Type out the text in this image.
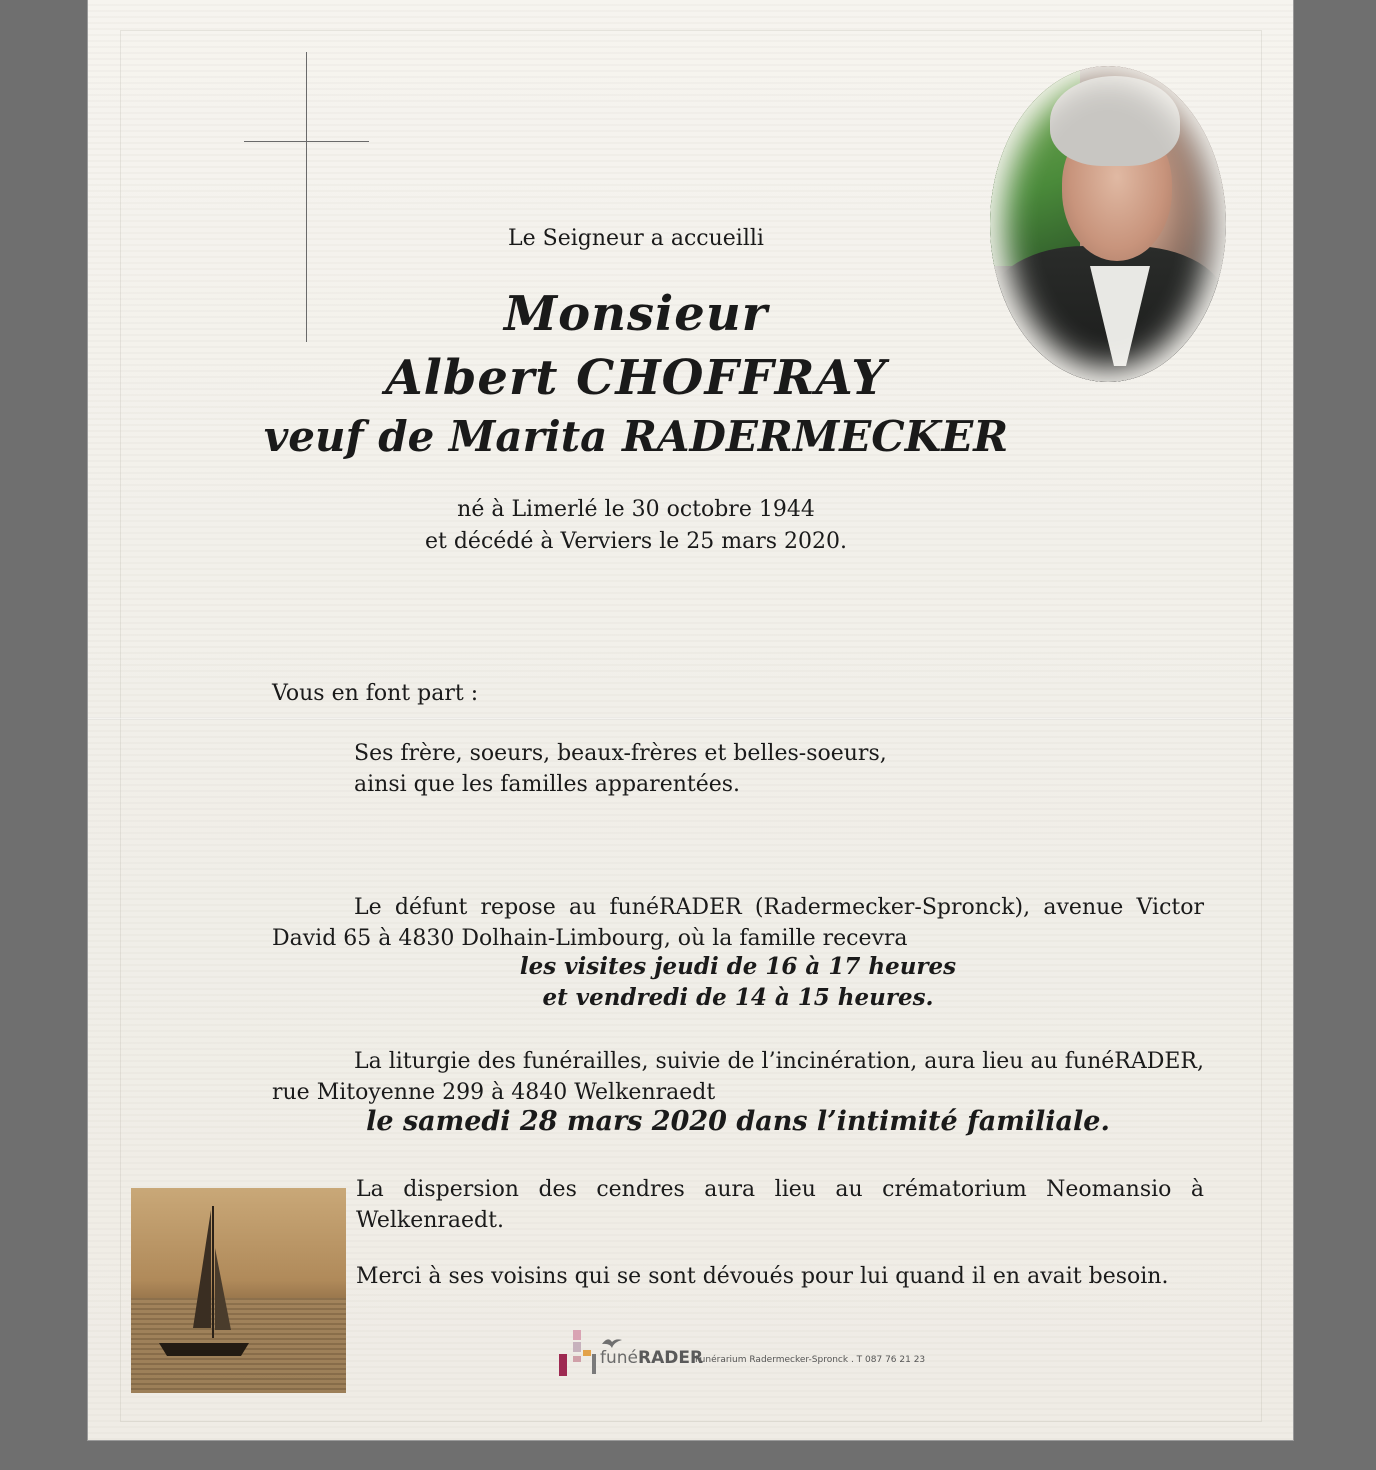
Le Seigneur a accueilli

Monsieur

Albert CHOFFRAY

veuf de Marita RADERMECKER

né à Limerlé le 30 octobre 1944

et décédé à Verviers le 25 mars 2020.

Vous en font part :

Ses frère, soeurs, beaux-frères et belles-soeurs,

ainsi que les familles apparentées.

Le défunt repose au funéRADER (Radermecker-Spronck), avenue Victor
David 65 à 4830 Dolhain-Limbourg, où la famille recevra

les visites jeudi de 16 à 17 heures

et vendredi de 14 à 15 heures.

La liturgie des funérailles, suivie de l’incinération, aura lieu au funéRADER,
rue Mitoyenne 299 à 4840 Welkenraedt

le samedi 28 mars 2020 dans l’intimité familiale.

La dispersion des cendres aura lieu au crématorium Neomansio à
Welkenraedt.

Merci à ses voisins qui se sont dévoués pour lui quand il en avait besoin.

funéRADER
Funérarium Radermecker-Spronck . T 087 76 21 23
